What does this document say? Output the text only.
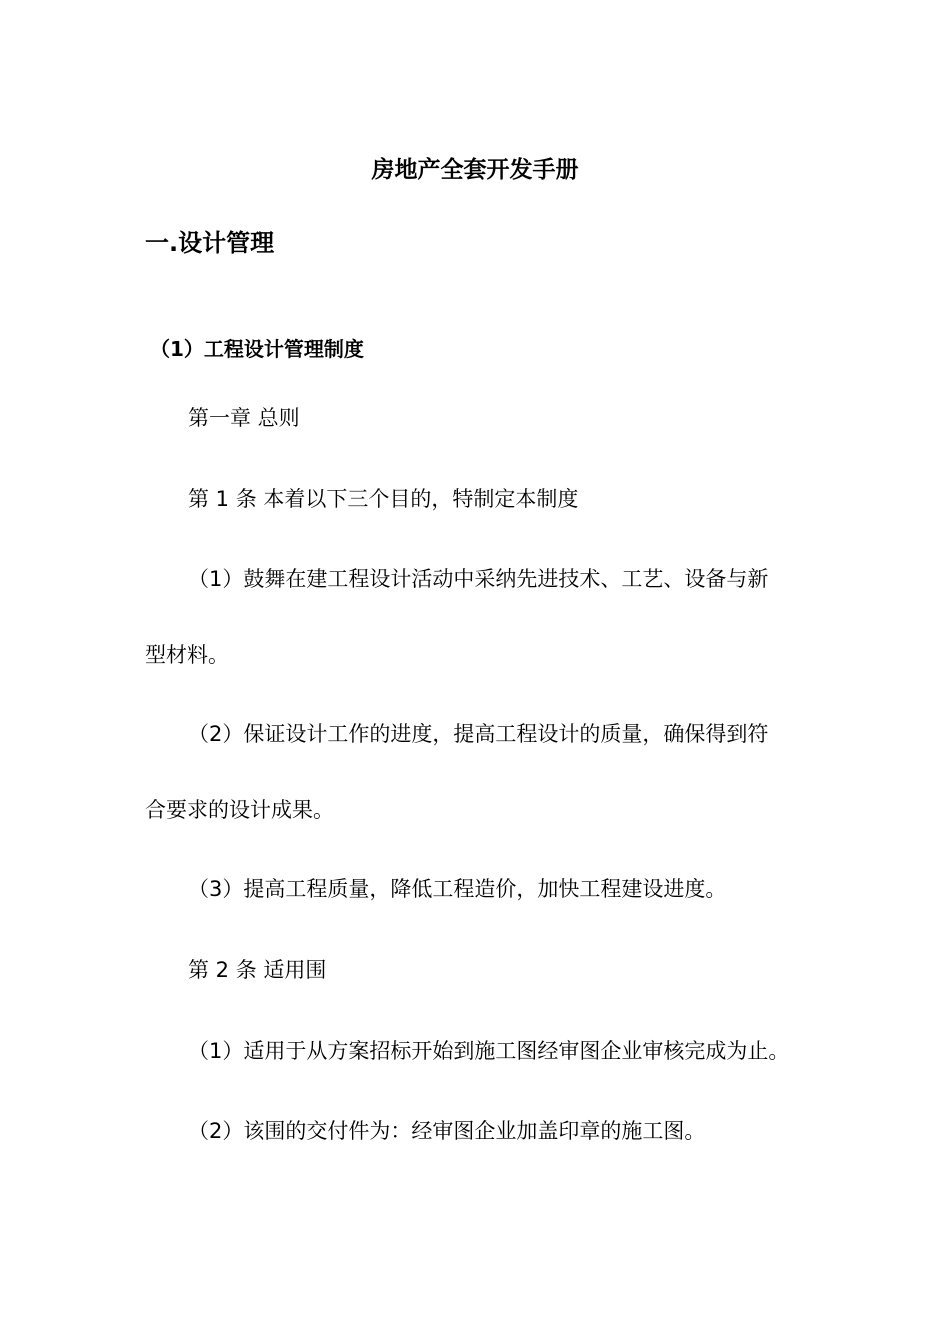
房地产全套开发手册
一.设计管理
（1）工程设计管理制度
第一章 总则
第 1 条 本着以下三个目的，特制定本制度
（1）鼓舞在建工程设计活动中采纳先进技术、工艺、设备与新
型材料。
（2）保证设计工作的进度，提高工程设计的质量，确保得到符
合要求的设计成果。
（3）提高工程质量，降低工程造价，加快工程建设进度。
第 2 条 适用围
（1）适用于从方案招标开始到施工图经审图企业审核完成为止。
（2）该围的交付件为：经审图企业加盖印章的施工图。
